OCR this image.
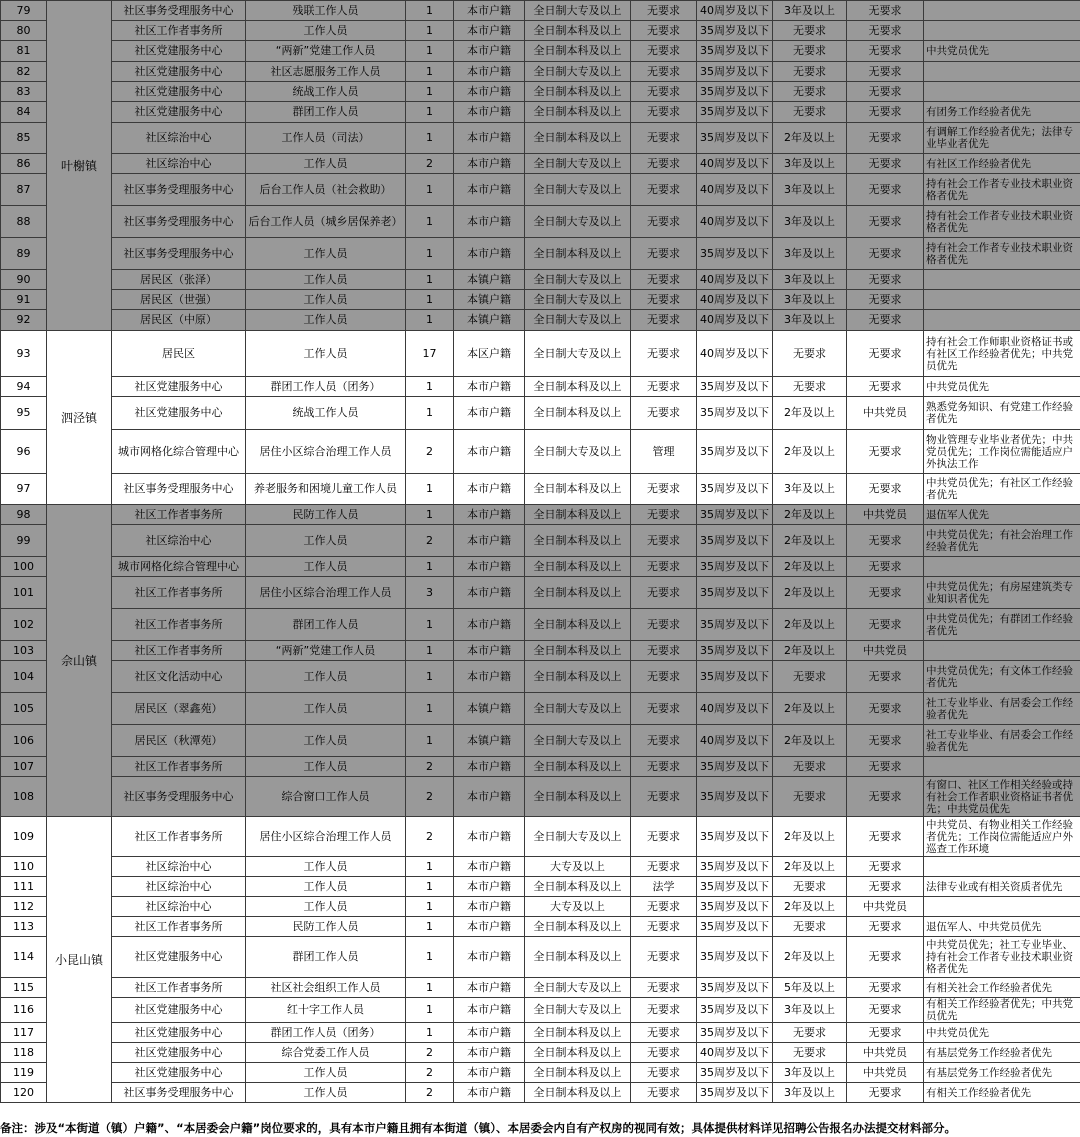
79	叶榭镇	社区事务受理服务中心	残联工作人员	1	本市户籍	全日制大专及以上	无要求	40周岁及以下	3年及以上	无要求	
80		社区工作者事务所	工作人员	1	本市户籍	全日制本科及以上	无要求	35周岁及以下	无要求	无要求	
81		社区党建服务中心	“两新”党建工作人员	1	本市户籍	全日制本科及以上	无要求	35周岁及以下	无要求	无要求	中共党员优先
82		社区党建服务中心	社区志愿服务工作人员	1	本市户籍	全日制大专及以上	无要求	35周岁及以下	无要求	无要求	
83		社区党建服务中心	统战工作人员	1	本市户籍	全日制本科及以上	无要求	35周岁及以下	无要求	无要求	
84		社区党建服务中心	群团工作人员	1	本市户籍	全日制本科及以上	无要求	35周岁及以下	无要求	无要求	有团务工作经验者优先
85		社区综治中心	工作人员（司法）	1	本市户籍	全日制本科及以上	无要求	35周岁及以下	2年及以上	无要求	有调解工作经验者优先；法律专业毕业者优先
86		社区综治中心	工作人员	2	本市户籍	全日制大专及以上	无要求	40周岁及以下	3年及以上	无要求	有社区工作经验者优先
87		社区事务受理服务中心	后台工作人员（社会救助）	1	本市户籍	全日制大专及以上	无要求	40周岁及以下	3年及以上	无要求	持有社会工作者专业技术职业资格者优先
88		社区事务受理服务中心	后台工作人员（城乡居保养老）	1	本市户籍	全日制大专及以上	无要求	40周岁及以下	3年及以上	无要求	持有社会工作者专业技术职业资格者优先
89		社区事务受理服务中心	工作人员	1	本市户籍	全日制本科及以上	无要求	35周岁及以下	3年及以上	无要求	持有社会工作者专业技术职业资格者优先
90		居民区（张泽）	工作人员	1	本镇户籍	全日制大专及以上	无要求	40周岁及以下	3年及以上	无要求	
91		居民区（世强）	工作人员	1	本镇户籍	全日制大专及以上	无要求	40周岁及以下	3年及以上	无要求	
92		居民区（中原）	工作人员	1	本镇户籍	全日制大专及以上	无要求	40周岁及以下	3年及以上	无要求	
93	泗泾镇	居民区	工作人员	17	本区户籍	全日制大专及以上	无要求	40周岁及以下	无要求	无要求	持有社会工作师职业资格证书或有社区工作经验者优先；中共党员优先
94		社区党建服务中心	群团工作人员（团务）	1	本市户籍	全日制本科及以上	无要求	35周岁及以下	无要求	无要求	中共党员优先
95		社区党建服务中心	统战工作人员	1	本市户籍	全日制本科及以上	无要求	35周岁及以下	2年及以上	中共党员	熟悉党务知识、有党建工作经验者优先
96		城市网格化综合管理中心	居住小区综合治理工作人员	2	本市户籍	全日制大专及以上	管理	35周岁及以下	2年及以上	无要求	物业管理专业毕业者优先；中共党员优先；工作岗位需能适应户外执法工作
97		社区事务受理服务中心	养老服务和困境儿童工作人员	1	本市户籍	全日制本科及以上	无要求	35周岁及以下	3年及以上	无要求	中共党员优先；有社区工作经验者优先
98	佘山镇	社区工作者事务所	民防工作人员	1	本市户籍	全日制本科及以上	无要求	35周岁及以下	2年及以上	中共党员	退伍军人优先
99		社区综治中心	工作人员	2	本市户籍	全日制本科及以上	无要求	35周岁及以下	2年及以上	无要求	中共党员优先；有社会治理工作经验者优先
100		城市网格化综合管理中心	工作人员	1	本市户籍	全日制本科及以上	无要求	35周岁及以下	2年及以上	无要求	
101		社区工作者事务所	居住小区综合治理工作人员	3	本市户籍	全日制本科及以上	无要求	35周岁及以下	2年及以上	无要求	中共党员优先；有房屋建筑类专业知识者优先
102		社区工作者事务所	群团工作人员	1	本市户籍	全日制本科及以上	无要求	35周岁及以下	2年及以上	无要求	中共党员优先；有群团工作经验者优先
103		社区工作者事务所	“两新”党建工作人员	1	本市户籍	全日制本科及以上	无要求	35周岁及以下	2年及以上	中共党员	
104		社区文化活动中心	工作人员	1	本市户籍	全日制本科及以上	无要求	35周岁及以下	无要求	无要求	中共党员优先；有文体工作经验者优先
105		居民区（翠鑫苑）	工作人员	1	本镇户籍	全日制大专及以上	无要求	40周岁及以下	2年及以上	无要求	社工专业毕业、有居委会工作经验者优先
106		居民区（秋潭苑）	工作人员	1	本镇户籍	全日制大专及以上	无要求	40周岁及以下	2年及以上	无要求	社工专业毕业、有居委会工作经验者优先
107		社区工作者事务所	工作人员	2	本市户籍	全日制本科及以上	无要求	35周岁及以下	无要求	无要求	
108		社区事务受理服务中心	综合窗口工作人员	2	本市户籍	全日制本科及以上	无要求	35周岁及以下	无要求	无要求	有窗口、社区工作相关经验或持有社会工作者职业资格证书者优先；中共党员优先
109	小昆山镇	社区工作者事务所	居住小区综合治理工作人员	2	本市户籍	全日制大专及以上	无要求	35周岁及以下	2年及以上	无要求	中共党员、有物业相关工作经验者优先；工作岗位需能适应户外巡查工作环境
110		社区综治中心	工作人员	1	本市户籍	大专及以上	无要求	35周岁及以下	2年及以上	无要求	
111		社区综治中心	工作人员	1	本市户籍	全日制本科及以上	法学	35周岁及以下	无要求	无要求	法律专业或有相关资质者优先
112		社区综治中心	工作人员	1	本市户籍	大专及以上	无要求	35周岁及以下	2年及以上	中共党员	
113		社区工作者事务所	民防工作人员	1	本市户籍	全日制本科及以上	无要求	35周岁及以下	无要求	无要求	退伍军人、中共党员优先
114		社区党建服务中心	群团工作人员	1	本市户籍	全日制本科及以上	无要求	35周岁及以下	2年及以上	无要求	中共党员优先；社工专业毕业、持有社会工作者专业技术职业资格者优先
115		社区工作者事务所	社区社会组织工作人员	1	本市户籍	全日制大专及以上	无要求	35周岁及以下	5年及以上	无要求	有相关社会工作经验者优先
116		社区党建服务中心	红十字工作人员	1	本市户籍	全日制大专及以上	无要求	35周岁及以下	3年及以上	无要求	有相关工作经验者优先；中共党员优先
117		社区党建服务中心	群团工作人员（团务）	1	本市户籍	全日制本科及以上	无要求	35周岁及以下	无要求	无要求	中共党员优先
118		社区党建服务中心	综合党委工作人员	2	本市户籍	全日制本科及以上	无要求	40周岁及以下	无要求	中共党员	有基层党务工作经验者优先
119		社区党建服务中心	工作人员	2	本市户籍	全日制本科及以上	无要求	35周岁及以下	3年及以上	中共党员	有基层党务工作经验者优先
120		社区事务受理服务中心	工作人员	2	本市户籍	全日制本科及以上	无要求	35周岁及以下	3年及以上	无要求	有相关工作经验者优先
备注：涉及“本街道（镇）户籍”、“本居委会户籍”岗位要求的，具有本市户籍且拥有本街道（镇）、本居委会内自有产权房的视同有效；具体提供材料详见招聘公告报名办法提交材料部分。
